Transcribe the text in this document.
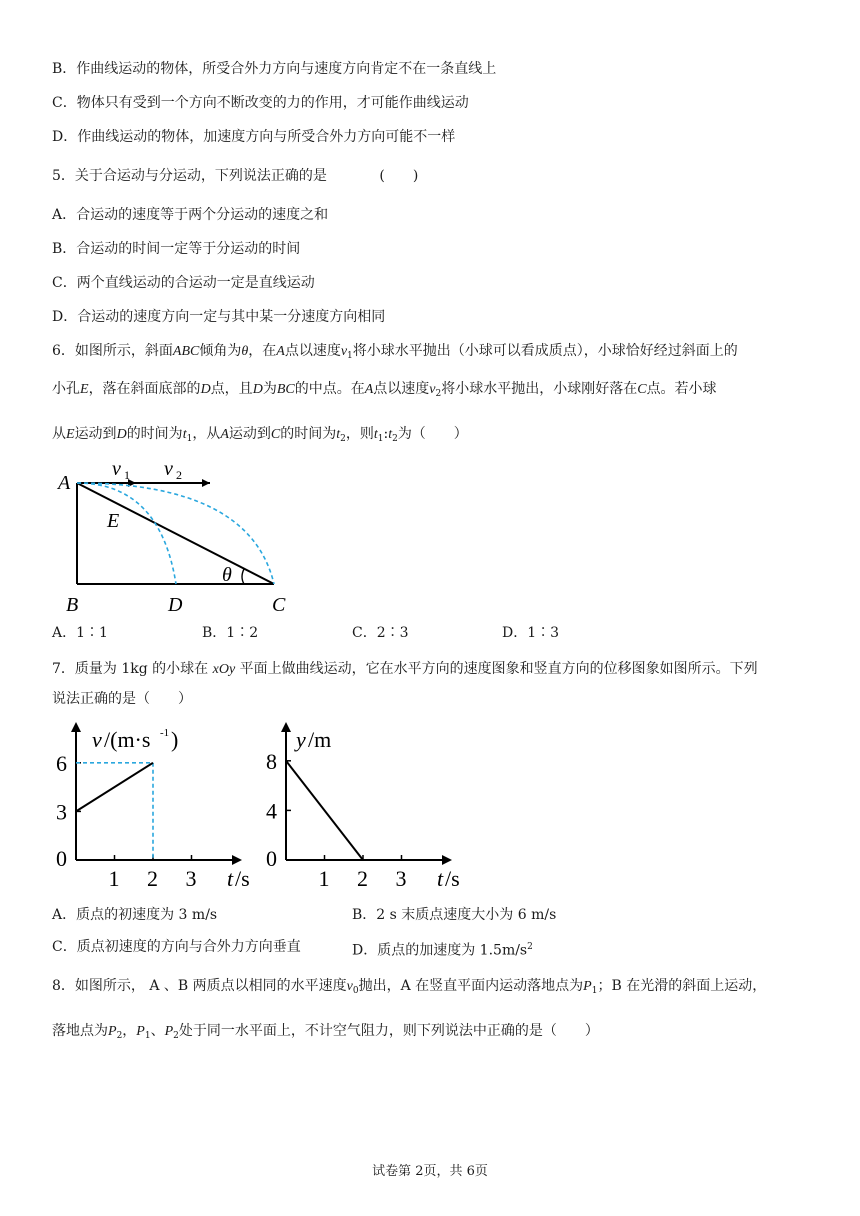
B．作曲线运动的物体，所受合外力方向与速度方向肯定不在一条直线上
C．物体只有受到一个方向不断改变的力的作用，才可能作曲线运动
D．作曲线运动的物体，加速度方向与所受合外力方向可能不一样
5．关于合运动与分运动，下列说法正确的是	(　　)
A．合运动的速度等于两个分运动的速度之和
B．合运动的时间一定等于分运动的时间
C．两个直线运动的合运动一定是直线运动
D．合运动的速度方向一定与其中某一分速度方向相同
6．如图所示，斜面ABC倾角为θ，在A点以速度$v_1$将小球水平抛出（小球可以看成质点），小球恰好经过斜面上的
小孔E，落在斜面底部的D点，且D为BC的中点。在A点以速度$v_2$将小球水平抛出，小球刚好落在C点。若小球
从E运动到D的时间为$t_1$，从A运动到C的时间为$t_2$，则$t_1:t_2$为（　　）
A
B	D	C
E
θ
v 1 v 2
A．1∶1	B．1∶2	C．2∶3	D．1∶3
7．质量为 1kg 的小球在 xOy 平面上做曲线运动，它在水平方向的速度图象和竖直方向的位移图象如图所示。下列
说法正确的是（　　）
1 2 3
6
3
0
v /(m·s -1 )
t /s	1 2 3
8
4
0
y /m
t /s
A．质点的初速度为 3 m/s	B．2 s 末质点速度大小为 6 m/s
C．质点初速度的方向与合外力方向垂直	D．质点的加速度为 $1.5m/s^2$
8．如图所示， A 、B 两质点以相同的水平速度$v_0$抛出，A 在竖直平面内运动落地点为$P_1$；B 在光滑的斜面上运动，
落地点为$P_2$，$P_1$、$P_2$处于同一水平面上，不计空气阻力，则下列说法中正确的是（　　）
试卷第 2页，共 6页
